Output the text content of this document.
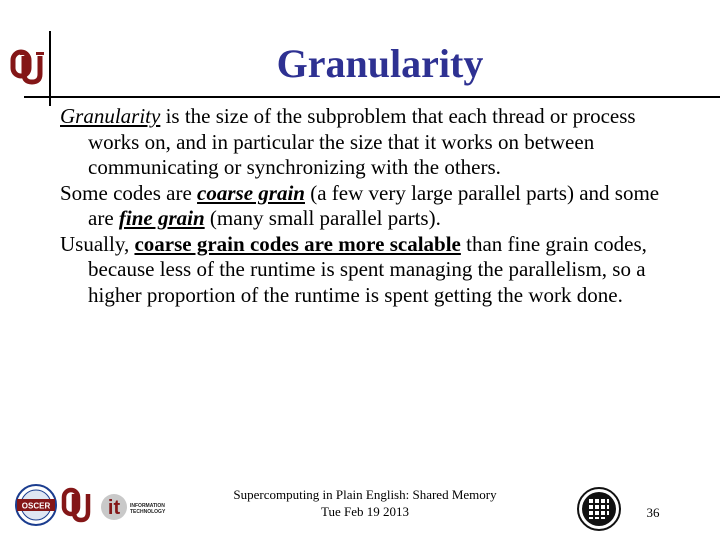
Granularity

Granularity is the size of the subproblem that each thread or process works on, and in particular the size that it works on between communicating or synchronizing with the others.

Some codes are coarse grain (a few very large parallel parts) and some are fine grain (many small parallel parts).

Usually, coarse grain codes are more scalable than fine grain codes, because less of the runtime is spent managing the parallelism, so a higher proportion of the runtime is spent getting the work done.

OSCER	it INFORMATION
TECHNOLOGY
Supercomputing in Plain English: Shared Memory
Tue Feb 19 2013	36
